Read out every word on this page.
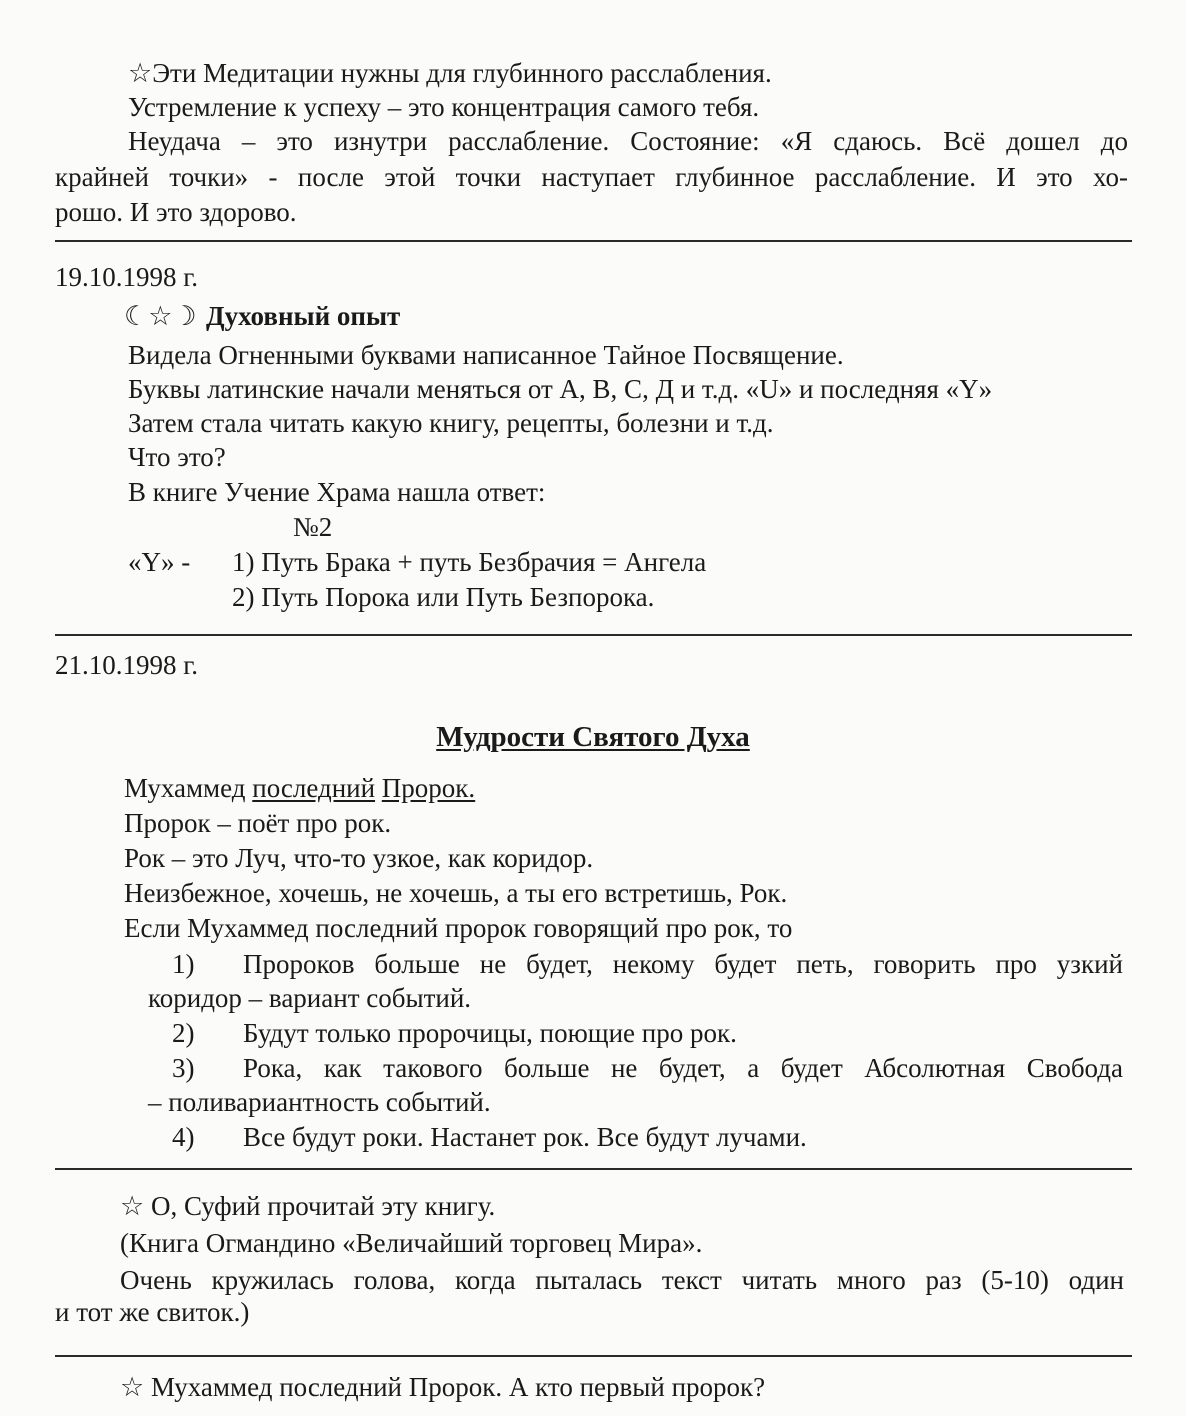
☆Эти Медитации нужны для глубинного расслабления.

Устремление к успеху – это концентрация самого тебя.

Неудача – это изнутри расслабление. Состояние: «Я сдаюсь. Всё дошел до

крайней точки» - после этой точки наступает глубинное расслабление. И это хо-

рошо. И это здорово.

19.10.1998 г.

☾☆☽ Духовный опыт

Видела Огненными буквами написанное Тайное Посвящение.

Буквы латинские начали меняться от А, В, С, Д и т.д. «U» и последняя «Y»

Затем стала читать какую книгу, рецепты, болезни и т.д.

Что это?

В книге Учение Храма нашла ответ:

№2

«Y» - 1) Путь Брака + путь Безбрачия = Ангела

2) Путь Порока или Путь Безпорока.

21.10.1998 г.

Мудрости Святого Духа

Мухаммед последний Пророк.

Пророк – поёт про рок.

Рок – это Луч, что-то узкое, как коридор.

Неизбежное, хочешь, не хочешь, а ты его встретишь, Рок.

Если Мухаммед последний пророк говорящий про рок, то

1) Пророков больше не будет, некому будет петь, говорить про узкий

коридор – вариант событий.

2) Будут только пророчицы, поющие про рок.

3) Рока, как такового больше не будет, а будет Абсолютная Свобода

– поливариантность событий.

4) Все будут роки. Настанет рок. Все будут лучами.

☆ О, Суфий прочитай эту книгу.

(Книга Огмандино «Величайший торговец Мира».

Очень кружилась голова, когда пыталась текст читать много раз (5-10) один

и тот же свиток.)

☆ Мухаммед последний Пророк. А кто первый пророк?
